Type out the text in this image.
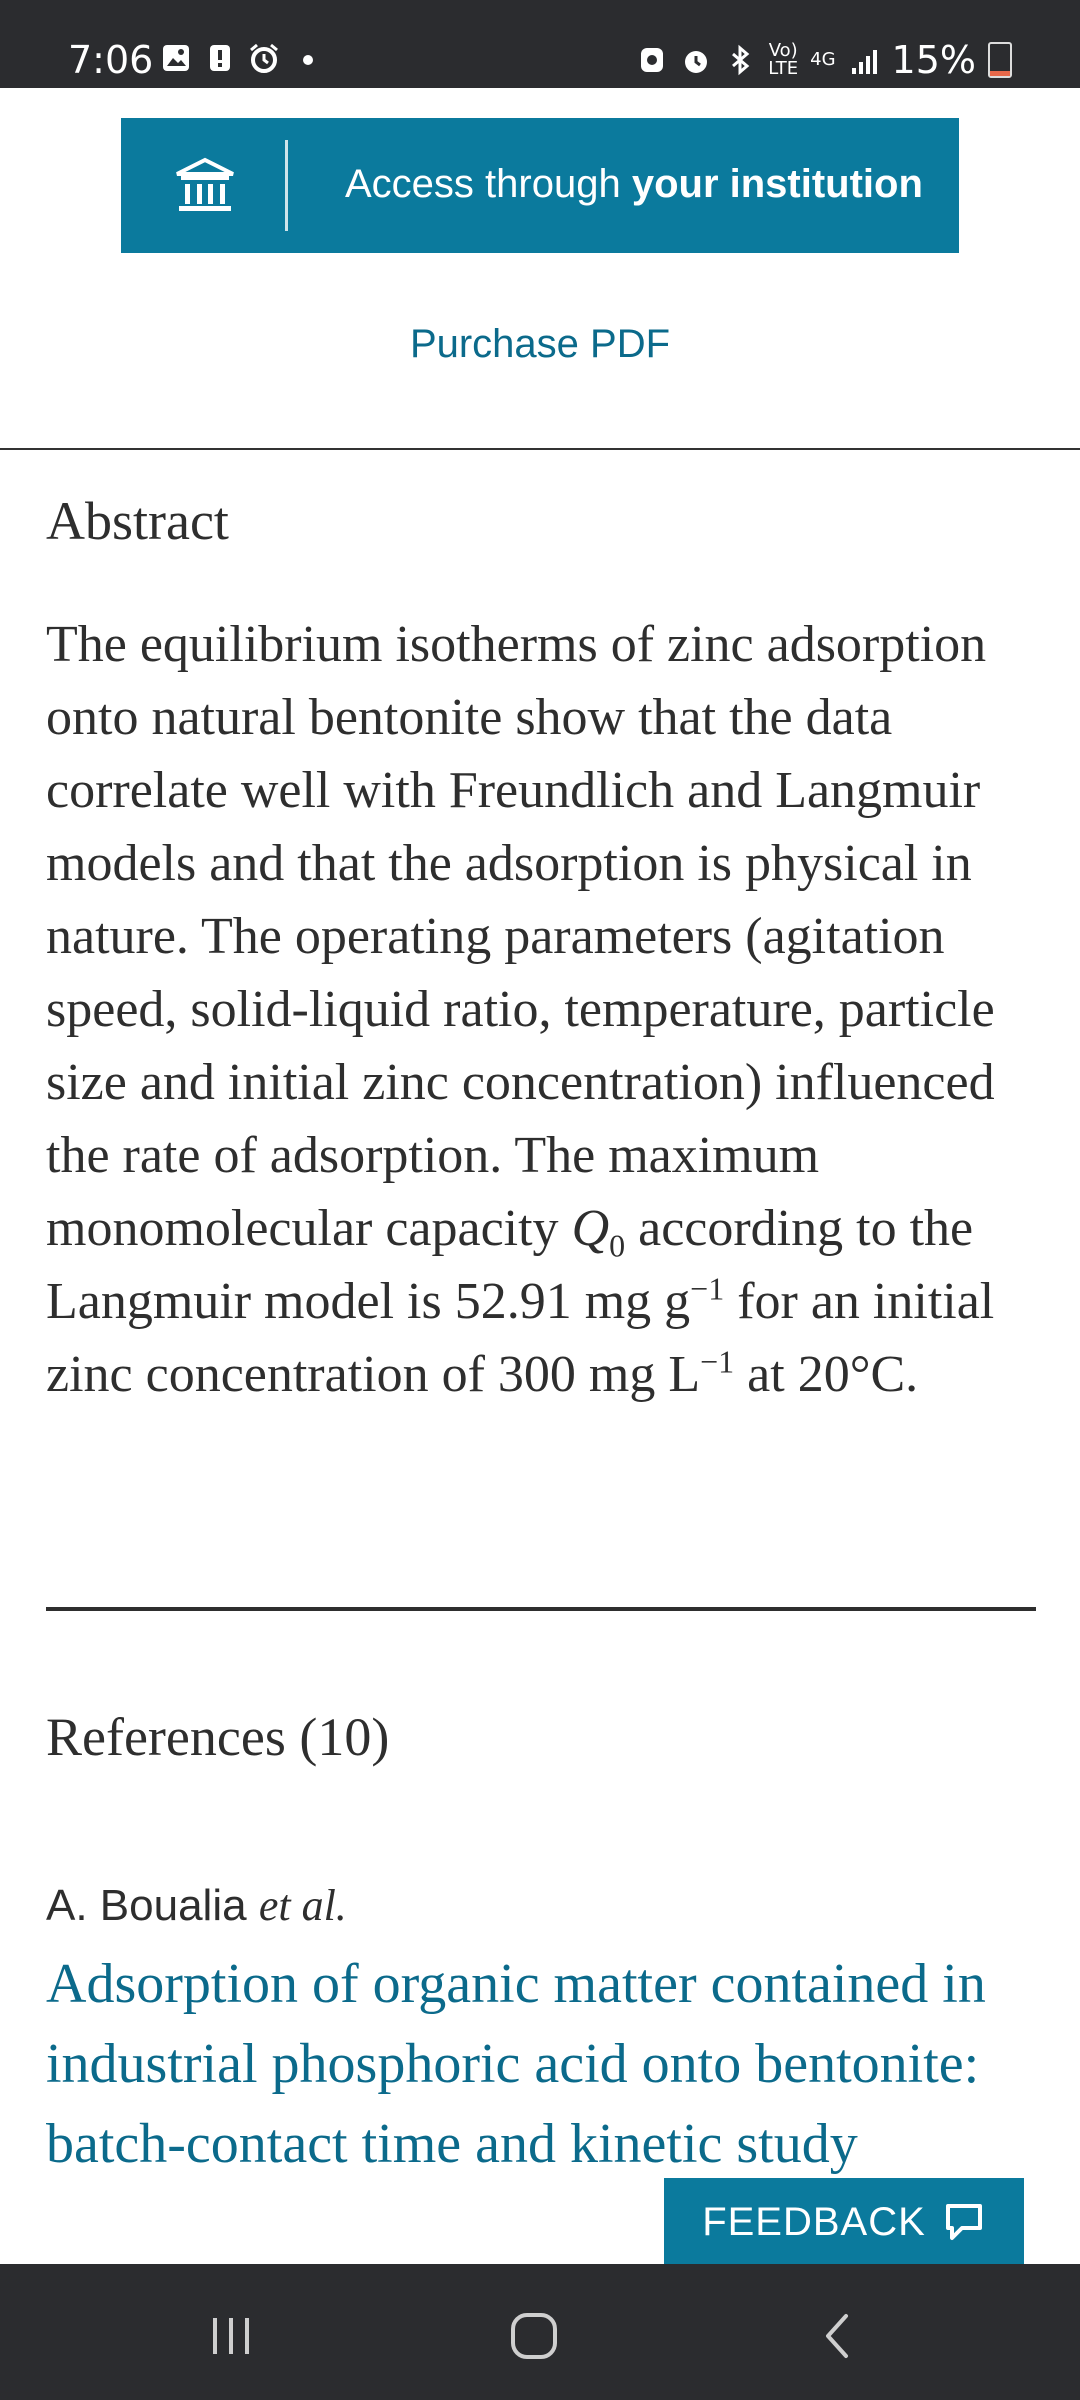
7:06	Vo)
LTE 4G 15%
Access through your institution
Purchase PDF
Abstract
The equilibrium isotherms of zinc adsorption onto natural bentonite show that the data correlate well with Freundlich and Langmuir models and that the adsorption is physical in nature. The operating parameters (agitation speed, solid-liquid ratio, temperature, particle size and initial zinc concentration) influenced the rate of adsorption. The maximum monomolecular capacity $Q_0$ according to the Langmuir model is 52.91 mg $g^{-1}$ for an initial zinc concentration of 300 mg $L^{-1}$ at 20°C.
References (10)
A. Boualia et al.
Adsorption of organic matter contained in industrial phosphoric acid onto bentonite: batch-contact time and kinetic study
FEEDBACK
